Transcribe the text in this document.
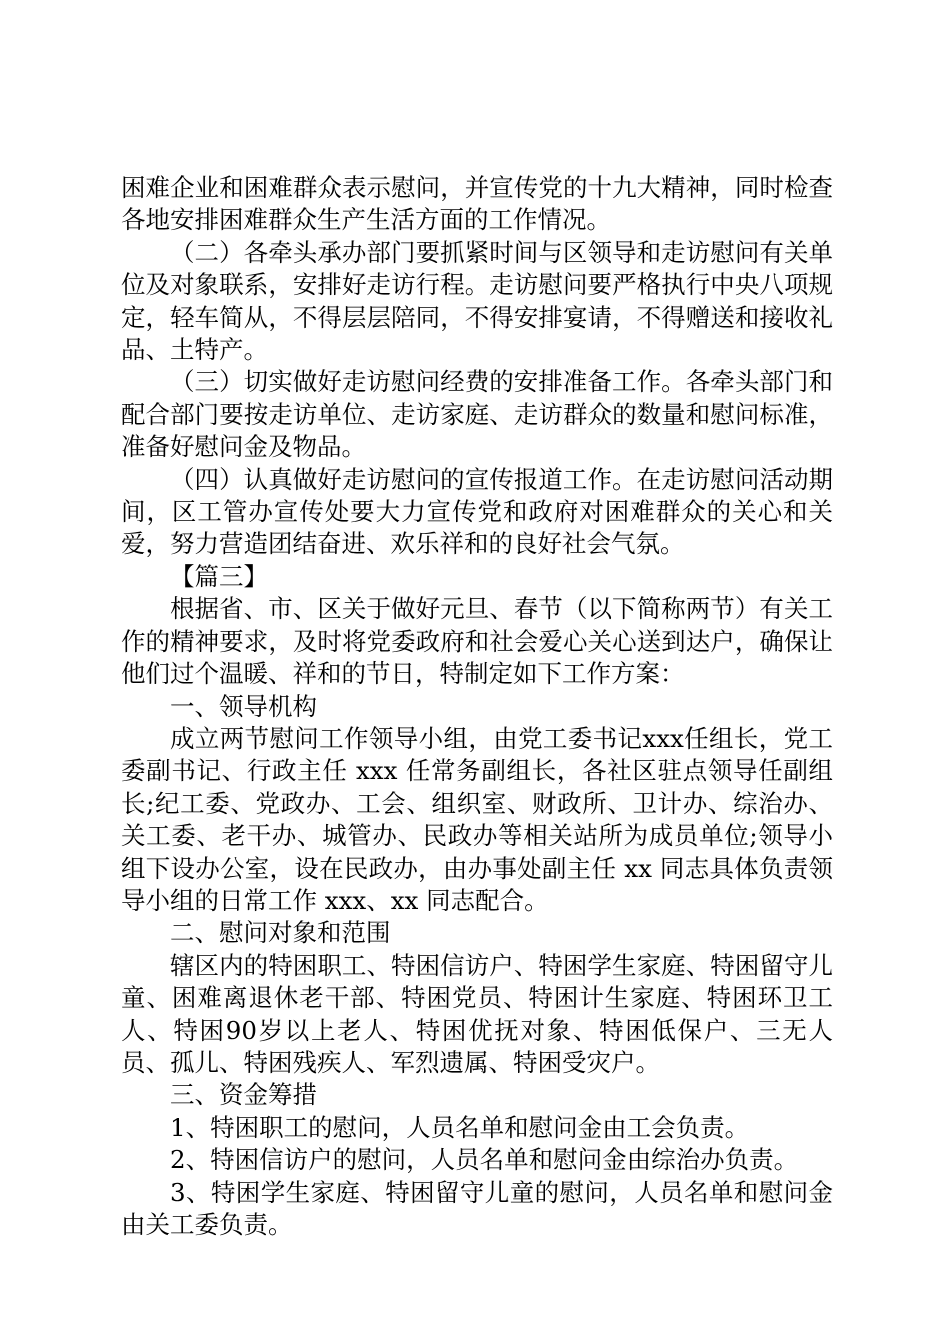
困难企业和困难群众表示慰问，并宣传党的十九大精神，同时检查各地安排困难群众生产生活方面的工作情况。

（二）各牵头承办部门要抓紧时间与区领导和走访慰问有关单位及对象联系，安排好走访行程。走访慰问要严格执行中央八项规定，轻车简从，不得层层陪同，不得安排宴请，不得赠送和接收礼品、土特产。

（三）切实做好走访慰问经费的安排准备工作。各牵头部门和配合部门要按走访单位、走访家庭、走访群众的数量和慰问标准，准备好慰问金及物品。

（四）认真做好走访慰问的宣传报道工作。在走访慰问活动期间，区工管办宣传处要大力宣传党和政府对困难群众的关心和关爱，努力营造团结奋进、欢乐祥和的良好社会气氛。

【篇三】

根据省、市、区关于做好元旦、春节（以下简称两节）有关工作的精神要求，及时将党委政府和社会爱心关心送到达户，确保让他们过个温暖、祥和的节日，特制定如下工作方案：

一、领导机构

成立两节慰问工作领导小组，由党工委书记xxx任组长，党工委副书记、行政主任 xxx 任常务副组长，各社区驻点领导任副组长;纪工委、党政办、工会、组织室、财政所、卫计办、综治办、关工委、老干办、城管办、民政办等相关站所为成员单位;领导小组下设办公室，设在民政办，由办事处副主任 xx 同志具体负责领导小组的日常工作 xxx、xx 同志配合。

二、慰问对象和范围

辖区内的特困职工、特困信访户、特困学生家庭、特困留守儿童、困难离退休老干部、特困党员、特困计生家庭、特困环卫工人、特困90岁以上老人、特困优抚对象、特困低保户、三无人员、孤儿、特困残疾人、军烈遗属、特困受灾户。

三、资金筹措

1、特困职工的慰问，人员名单和慰问金由工会负责。

2、特困信访户的慰问，人员名单和慰问金由综治办负责。

3、特困学生家庭、特困留守儿童的慰问，人员名单和慰问金由关工委负责。
